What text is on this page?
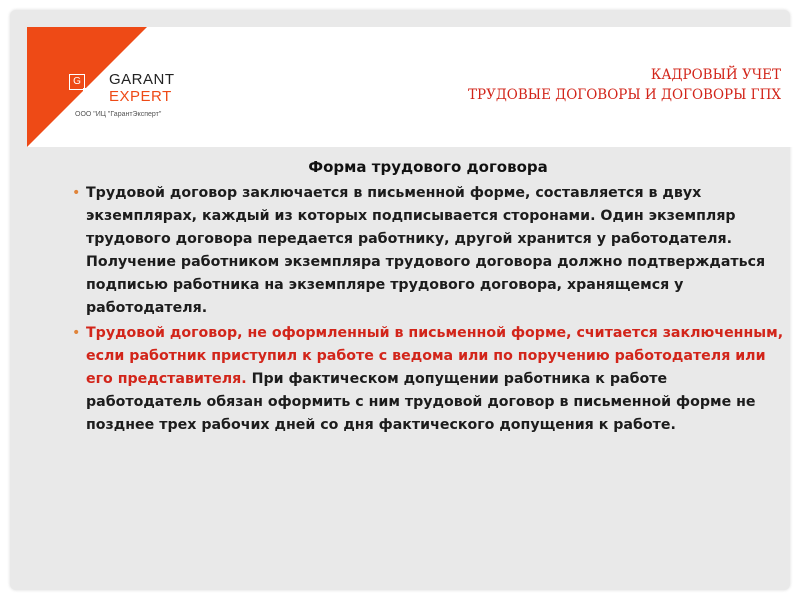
G
E
GARANT
EXPERT
ООО "ИЦ "ГарантЭксперт"
КАДРОВЫЙ УЧЕТ
ТРУДОВЫЕ ДОГОВОРЫ И ДОГОВОРЫ ГПХ
Форма трудового договора
• Трудовой договор заключается в письменной форме, составляется в двух экземплярах, каждый из которых подписывается сторонами. Один экземпляр трудового договора передается работнику, другой хранится у работодателя. Получение работником экземпляра трудового договора должно подтверждаться подписью работника на экземпляре трудового договора, хранящемся у работодателя.
• Трудовой договор, не оформленный в письменной форме, считается заключенным, если работник приступил к работе с ведома или по поручению работодателя или его представителя. При фактическом допущении работника к работе работодатель обязан оформить с ним трудовой договор в письменной форме не позднее трех рабочих дней со дня фактического допущения к работе.
